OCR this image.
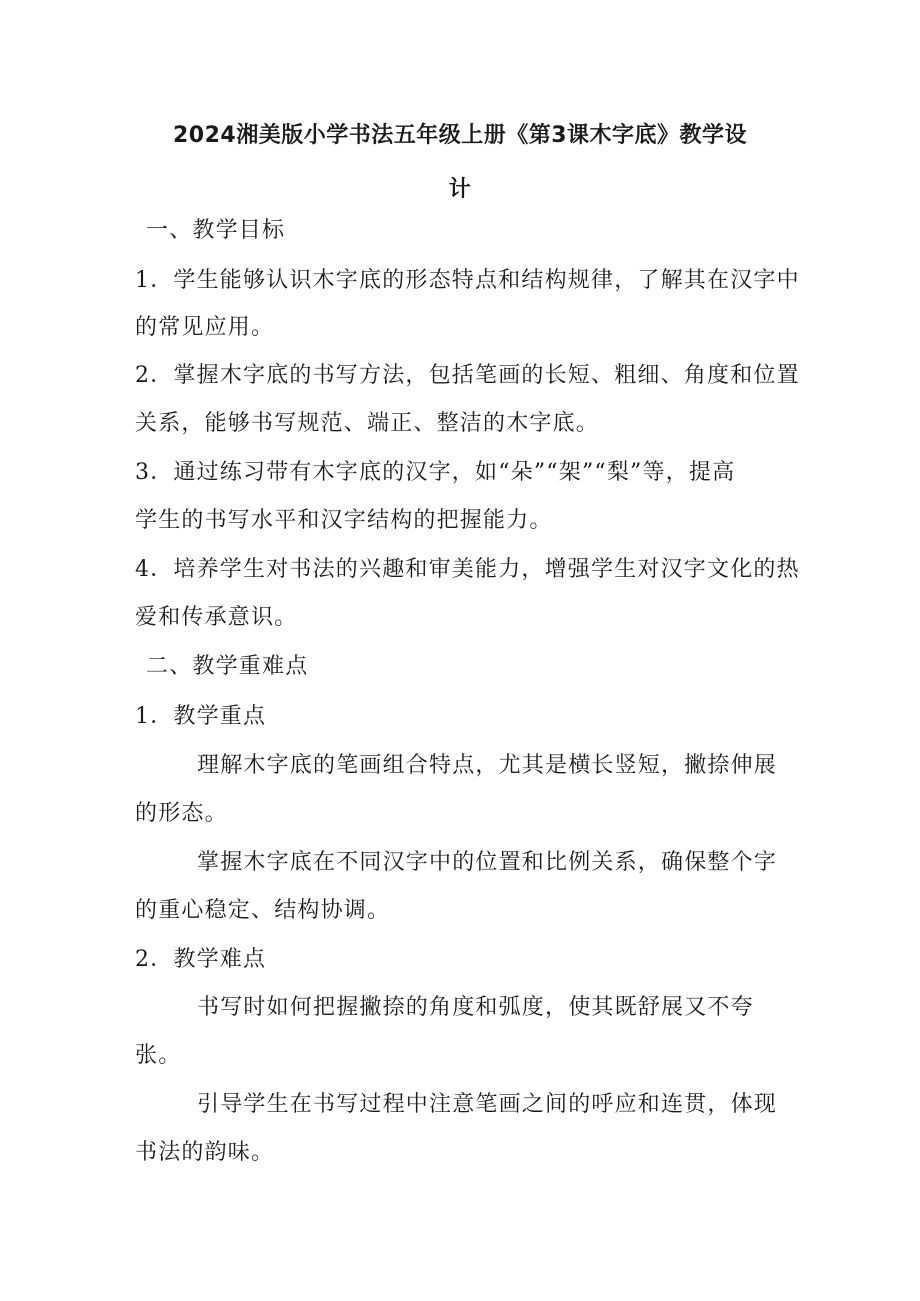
2024湘美版小学书法五年级上册《第3课木字底》教学设
计
一、教学目标
1．学生能够认识木字底的形态特点和结构规律，了解其在汉字中
的常见应用。
2．掌握木字底的书写方法，包括笔画的长短、粗细、角度和位置
关系，能够书写规范、端正、整洁的木字底。
3．通过练习带有木字底的汉字，如“朵”“架”“梨”等，提高
学生的书写水平和汉字结构的把握能力。
4．培养学生对书法的兴趣和审美能力，增强学生对汉字文化的热
爱和传承意识。
二、教学重难点
1．教学重点
理解木字底的笔画组合特点，尤其是横长竖短，撇捺伸展
的形态。
掌握木字底在不同汉字中的位置和比例关系，确保整个字
的重心稳定、结构协调。
2．教学难点
书写时如何把握撇捺的角度和弧度，使其既舒展又不夸
张。
引导学生在书写过程中注意笔画之间的呼应和连贯，体现
书法的韵味。
